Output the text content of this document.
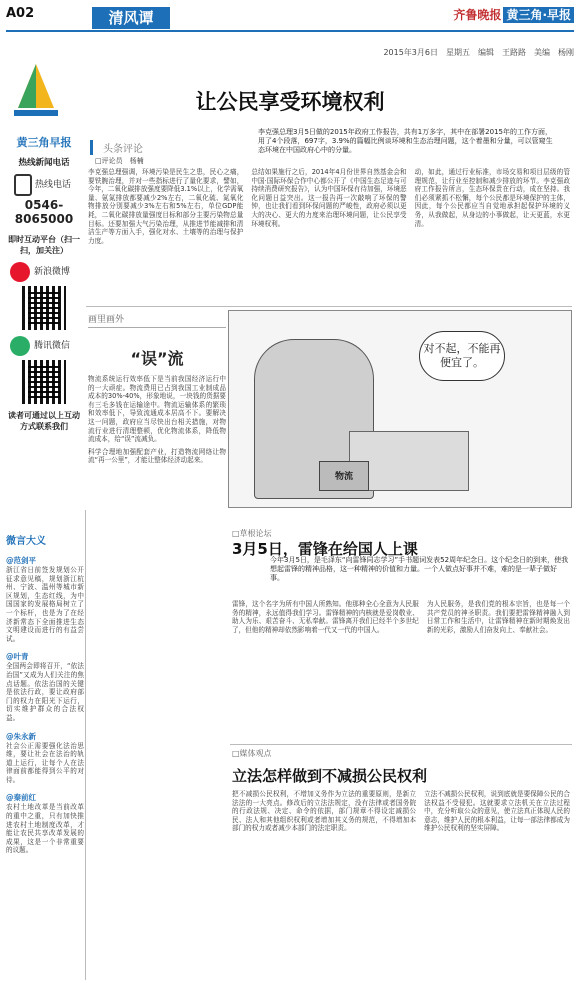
A02	清风谭	齐鲁晚报 黄三角·早报
2015年3月6日　星期五　编辑　王路路　美编　杨刚
让公民享受环境权利
黄三角早报
热线新闻电话
热线电话
0546-8065000
即时互动平台（扫一扫，加关注）
新浪微博
腾讯微信
读者可通过以上互动方式联系我们
头条评论
□评论员　杨楠
李克强总理3月5日做的2015年政府工作报告，共有1万多字，其中在部署2015年的工作方面，用了4个段落，697字，3.9%的篇幅比例谈环境和生态治理问题，这个着墨和分量，可以管窥生态环境在中国政府心中的分量。
李克强总理强调，环境污染是民生之患，民心之痛，要铁腕治理，并对一些指标进行了量化要求，譬如，今年，二氧化碳排放强度要降低3.1%以上，化学需氧量、氨氮排放都要减少2%左右，二氧化硫、氮氧化物排放分别要减少3%左右和5%左右，单位GDP能耗，二氧化碳排放量强度目标和部分主要污染物总量目标。还要加强大气污染治理，从推进节能减排和清洁生产等方面入手，强化对水、土壤等的治理与保护力度。
总结如果施行之后，2014年4月份世界自然基金会和中国·国际环保合作中心都公开了《中国生态足迹与可持续消费研究报告》，认为中国环保有待加强，环境恶化问题日益突出。这一报告再一次敲响了环保的警钟，也让我们看到环保问题的严峻性，政府必须以更大的决心、更大的力度来治理环境问题，让公民享受环境权利。
动，如此，通过行业标准，市场交易和项目层级的管理规范，让行业至控制和减少排放的环节。李克强政府工作报告所言，生态环保贵在行动，成在坚持。我们必须紧抓不松懈，每个公民都是环境保护的主体，因此，每个公民都应当自觉地承担起保护环境的义务，从我做起，从身边的小事做起，让天更蓝，水更清。
画里画外
“误”流
物流系统运行效率低下是当前我国经济运行中的一大顽症。物流费用已占到我国工业制成品成本的30%-40%，形象地说，一块钱的货据要有三毛多钱在运输途中。物流运输体系的繁琐和效率低下，导致流通成本居高不下。要解决这一问题，政府应当尽快出台相关措施，对物流行业进行清理整顿，优化物流体系，降低物流成本，给“误”流减负。
科学合理地加强配套产业，打造物流网络让物流“再一公里”，才能让整体经济动起来。
物流
对不起，不能再便宜了。
微言大义
@范剑平
浙江省日前签发规划公开征求意见稿，规划浙江杭州、宁波、温州等城市新区规划，生态红线，为中国国家的发展格局树立了一个标杆，也是为了在经济新常态下全面推进生态文明建设而进行的有益尝试。
@叶青
全国两会即将召开，“依法治国”又成为人们关注的焦点话题。依法治国的关键是依法行政，要让政府部门的权力在阳光下运行，切实维护群众的合法权益。
@朱永新
社会公正需要强化法治思维，要让社会在法治的轨道上运行，让每个人在法律面前都能得到公平的对待。
@秦前红
农村土地改革是当前改革的重中之重，只有加快推进农村土地制度改革，才能让农民共享改革发展的成果，这是一个非常重要的议题。
□草根论坛
3月5日，雷锋在给国人上课
今年3月5日，是毛泽东“向雷锋同志学习”手书题词发表52周年纪念日。这个纪念日的到来，使我想起雷锋的精神品格，这一种精神的价值和力量。一个人做点好事并不难，难的是一辈子做好事。
雷锋，这个名字为所有中国人所熟知。他那种全心全意为人民服务的精神，永远值得我们学习。雷锋精神的内核就是爱岗敬业、助人为乐、艰苦奋斗、无私奉献。雷锋离开我们已经半个多世纪了，但他的精神却依然影响着一代又一代的中国人。
为人民服务，是我们党的根本宗旨，也是每一个共产党员的神圣职责。我们要把雷锋精神融入到日常工作和生活中，让雷锋精神在新时期焕发出新的光彩，激励人们奋发向上、奉献社会。
□媒体观点
立法怎样做到不减损公民权利
把不减损公民权利，不增加义务作为立法的重要原则，是新立法法的一大亮点。修改后的立法法规定，没有法律或者国务院的行政法规、决定、命令的依据，部门规章不得设定减损公民、法人和其他组织权利或者增加其义务的规范，不得增加本部门的权力或者减少本部门的法定职责。
立法不减损公民权利，说到底就是要保障公民的合法权益不受侵犯。这就要求立法机关在立法过程中，充分听取公众的意见，使立法真正体现人民的意志，维护人民的根本利益，让每一部法律都成为维护公民权利的坚实屏障。
